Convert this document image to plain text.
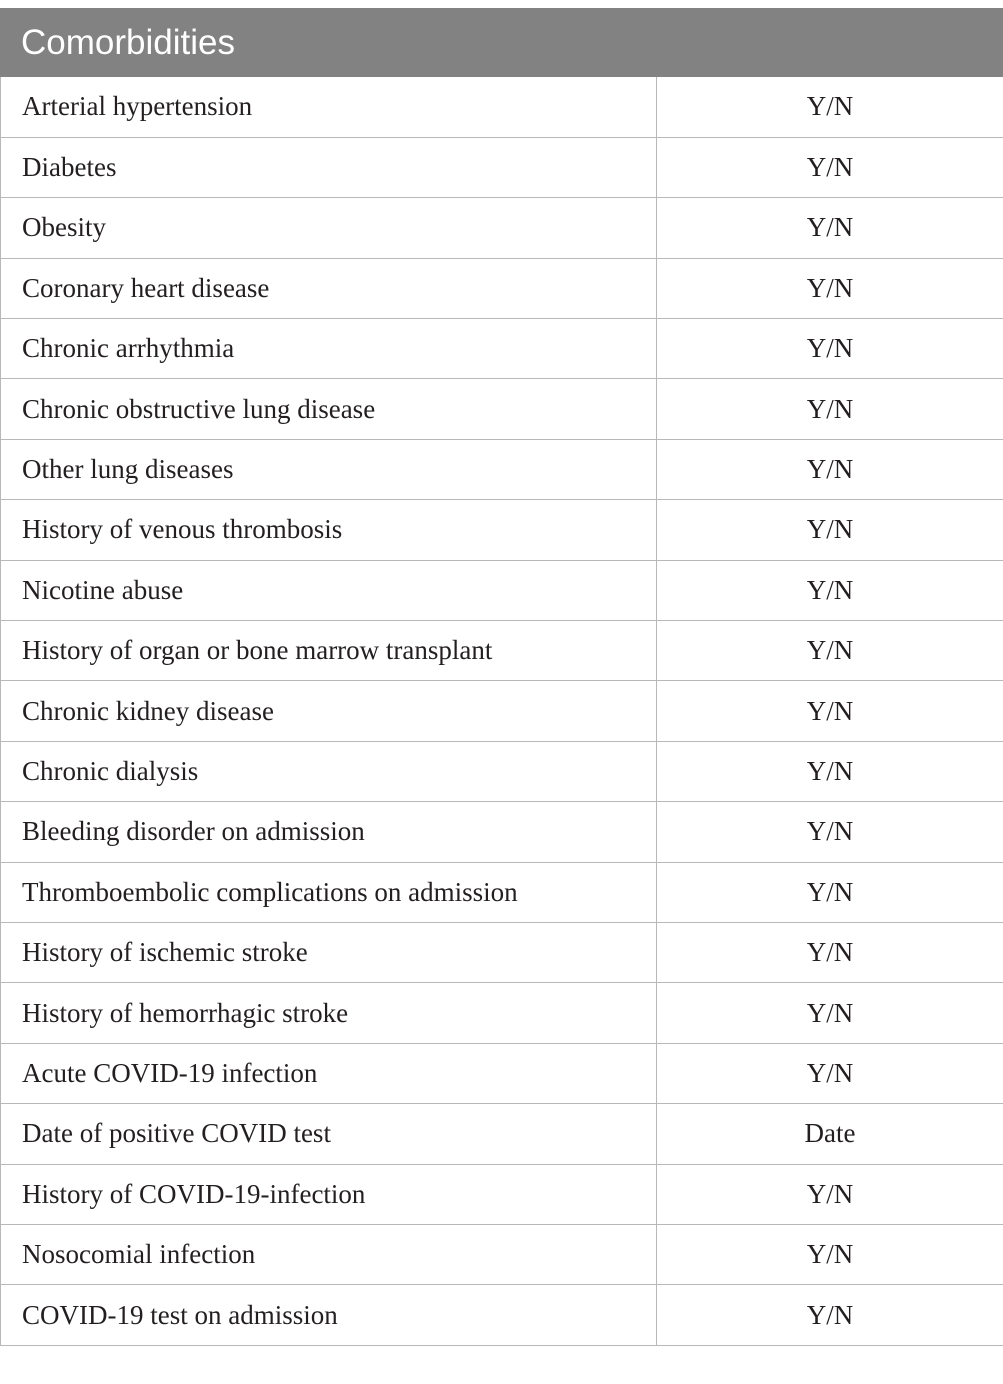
Comorbidities
Arterial hypertension	Y/N
Diabetes	Y/N
Obesity	Y/N
Coronary heart disease	Y/N
Chronic arrhythmia	Y/N
Chronic obstructive lung disease	Y/N
Other lung diseases	Y/N
History of venous thrombosis	Y/N
Nicotine abuse	Y/N
History of organ or bone marrow transplant	Y/N
Chronic kidney disease	Y/N
Chronic dialysis	Y/N
Bleeding disorder on admission	Y/N
Thromboembolic complications on admission	Y/N
History of ischemic stroke	Y/N
History of hemorrhagic stroke	Y/N
Acute COVID-19 infection	Y/N
Date of positive COVID test	Date
History of COVID-19-infection	Y/N
Nosocomial infection	Y/N
COVID-19 test on admission	Y/N
